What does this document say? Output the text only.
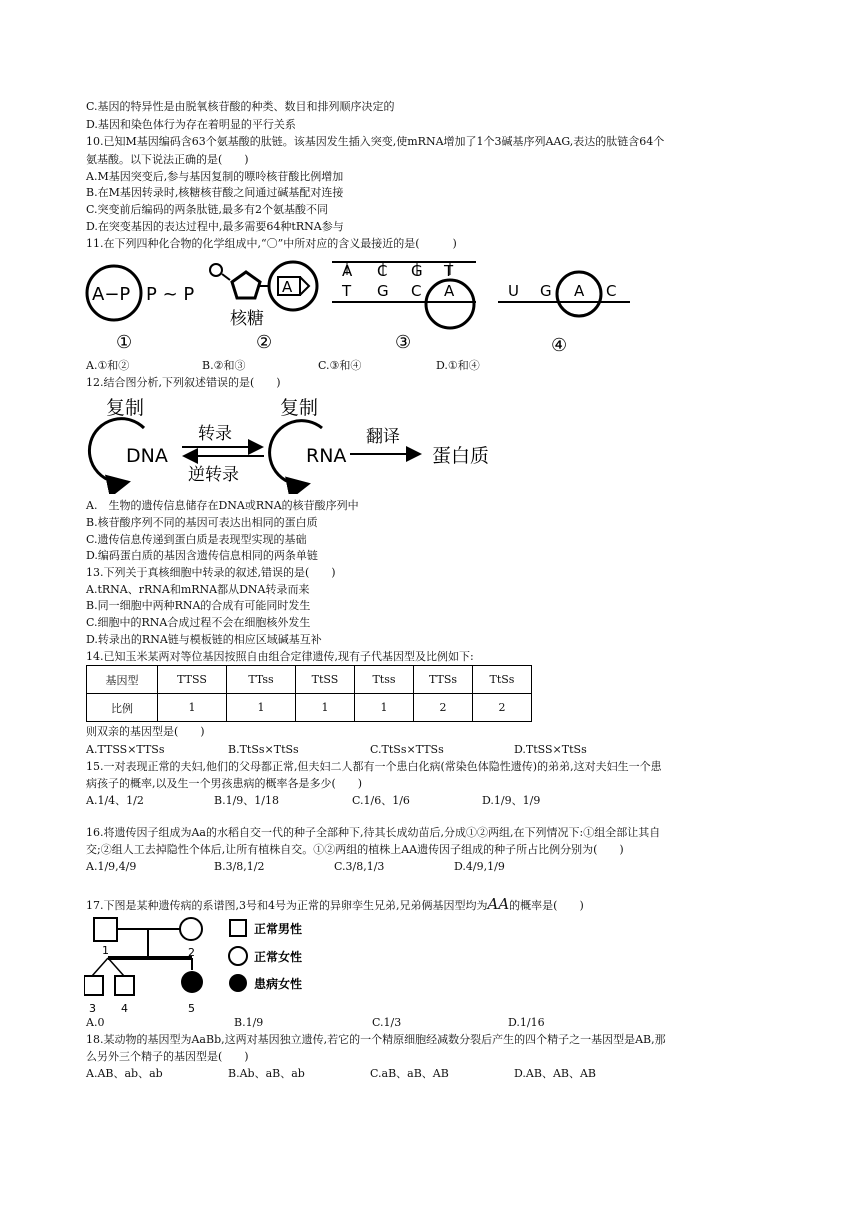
C.基因的特异性是由脱氧核苷酸的种类、数目和排列顺序决定的
D.基因和染色体行为存在着明显的平行关系
10.已知M基因编码含63个氨基酸的肽链。该基因发生插入突变,使mRNA增加了1个3碱基序列AAG,表达的肽链含64个
氨基酸。以下说法正确的是(　　)
A.M基因突变后,参与基因复制的嘌呤核苷酸比例增加
B.在M基因转录时,核糖核苷酸之间通过碱基配对连接
C.突变前后编码的两条肽链,最多有2个氨基酸不同
D.在突变基因的表达过程中,最多需要64种tRNA参与
11.在下列四种化合物的化学组成中,“〇”中所对应的含义最接近的是(　　　)
A−P P ~ P
①
A
核糖
②
A C G T
T G C A
③
U G A C
④
A.①和②	B.②和③	C.③和④	D.①和④
12.结合图分析,下列叙述错误的是(　　)
复制
DNA
转录
逆转录
复制
RNA
翻译
蛋白质
A.　生物的遗传信息储存在DNA或RNA的核苷酸序列中
B.核苷酸序列不同的基因可表达出相同的蛋白质
C.遗传信息传递到蛋白质是表现型实现的基础
D.编码蛋白质的基因含遗传信息相同的两条单链
13.下列关于真核细胞中转录的叙述,错误的是(　　)
A.tRNA、rRNA和mRNA都从DNA转录而来
B.同一细胞中两种RNA的合成有可能同时发生
C.细胞中的RNA合成过程不会在细胞核外发生
D.转录出的RNA链与模板链的相应区域碱基互补
14.已知玉米某两对等位基因按照自由组合定律遗传,现有子代基因型及比例如下:
基因型	TTSS	TTss	TtSS	Ttss	TTSs	TtSs
比例	1	1	1	1	2	2
则双亲的基因型是(　　)
A.TTSS×TTSs	B.TtSs×TtSs	C.TtSs×TTSs	D.TtSS×TtSs
15.一对表现正常的夫妇,他们的父母都正常,但夫妇二人都有一个患白化病(常染色体隐性遗传)的弟弟,这对夫妇生一个患
病孩子的概率,以及生一个男孩患病的概率各是多少(　　)
A.1/4、1/2	B.1/9、1/18	C.1/6、1/6	D.1/9、1/9
16.将遗传因子组成为Aa的水稻自交一代的种子全部种下,待其长成幼苗后,分成①②两组,在下列情况下:①组全部让其自
交;②组人工去掉隐性个体后,让所有植株自交。①②两组的植株上AA遗传因子组成的种子所占比例分别为(　　)
A.1/9,4/9	B.3/8,1/2	C.3/8,1/3	D.4/9,1/9
17.下图是某种遗传病的系谱图,3号和4号为正常的异卵孪生兄弟,兄弟俩基因型均为AA的概率是(　　)
1	2
3 4	5
正常男性
正常女性
患病女性
A.0	B.1/9	C.1/3	D.1/16
18.某动物的基因型为AaBb,这两对基因独立遗传,若它的一个精原细胞经减数分裂后产生的四个精子之一基因型是AB,那
么另外三个精子的基因型是(　　)
A.AB、ab、ab	B.Ab、aB、ab	C.aB、aB、AB	D.AB、AB、AB
